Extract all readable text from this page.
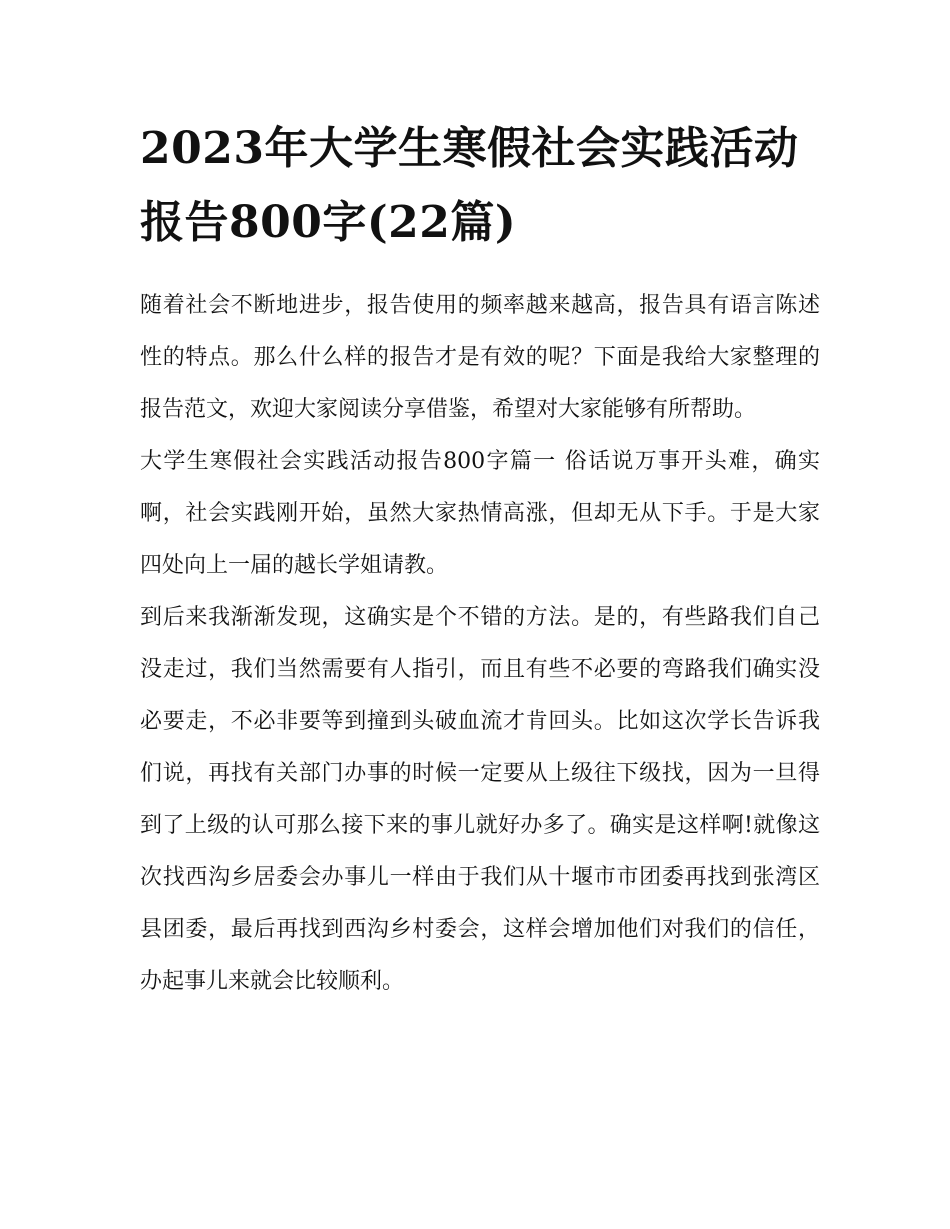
2023年大学生寒假社会实践活动报告800字(22篇)

随着社会不断地进步，报告使用的频率越来越高，报告具有语言陈述性的特点。那么什么样的报告才是有效的呢？下面是我给大家整理的报告范文，欢迎大家阅读分享借鉴，希望对大家能够有所帮助。

大学生寒假社会实践活动报告800字篇一 俗话说万事开头难，确实啊，社会实践刚开始，虽然大家热情高涨，但却无从下手。于是大家四处向上一届的越长学姐请教。

到后来我渐渐发现，这确实是个不错的方法。是的，有些路我们自己没走过，我们当然需要有人指引，而且有些不必要的弯路我们确实没必要走，不必非要等到撞到头破血流才肯回头。比如这次学长告诉我们说，再找有关部门办事的时候一定要从上级往下级找，因为一旦得到了上级的认可那么接下来的事儿就好办多了。确实是这样啊!就像这次找西沟乡居委会办事儿一样由于我们从十堰市市团委再找到张湾区县团委，最后再找到西沟乡村委会，这样会增加他们对我们的信任，办起事儿来就会比较顺利。
